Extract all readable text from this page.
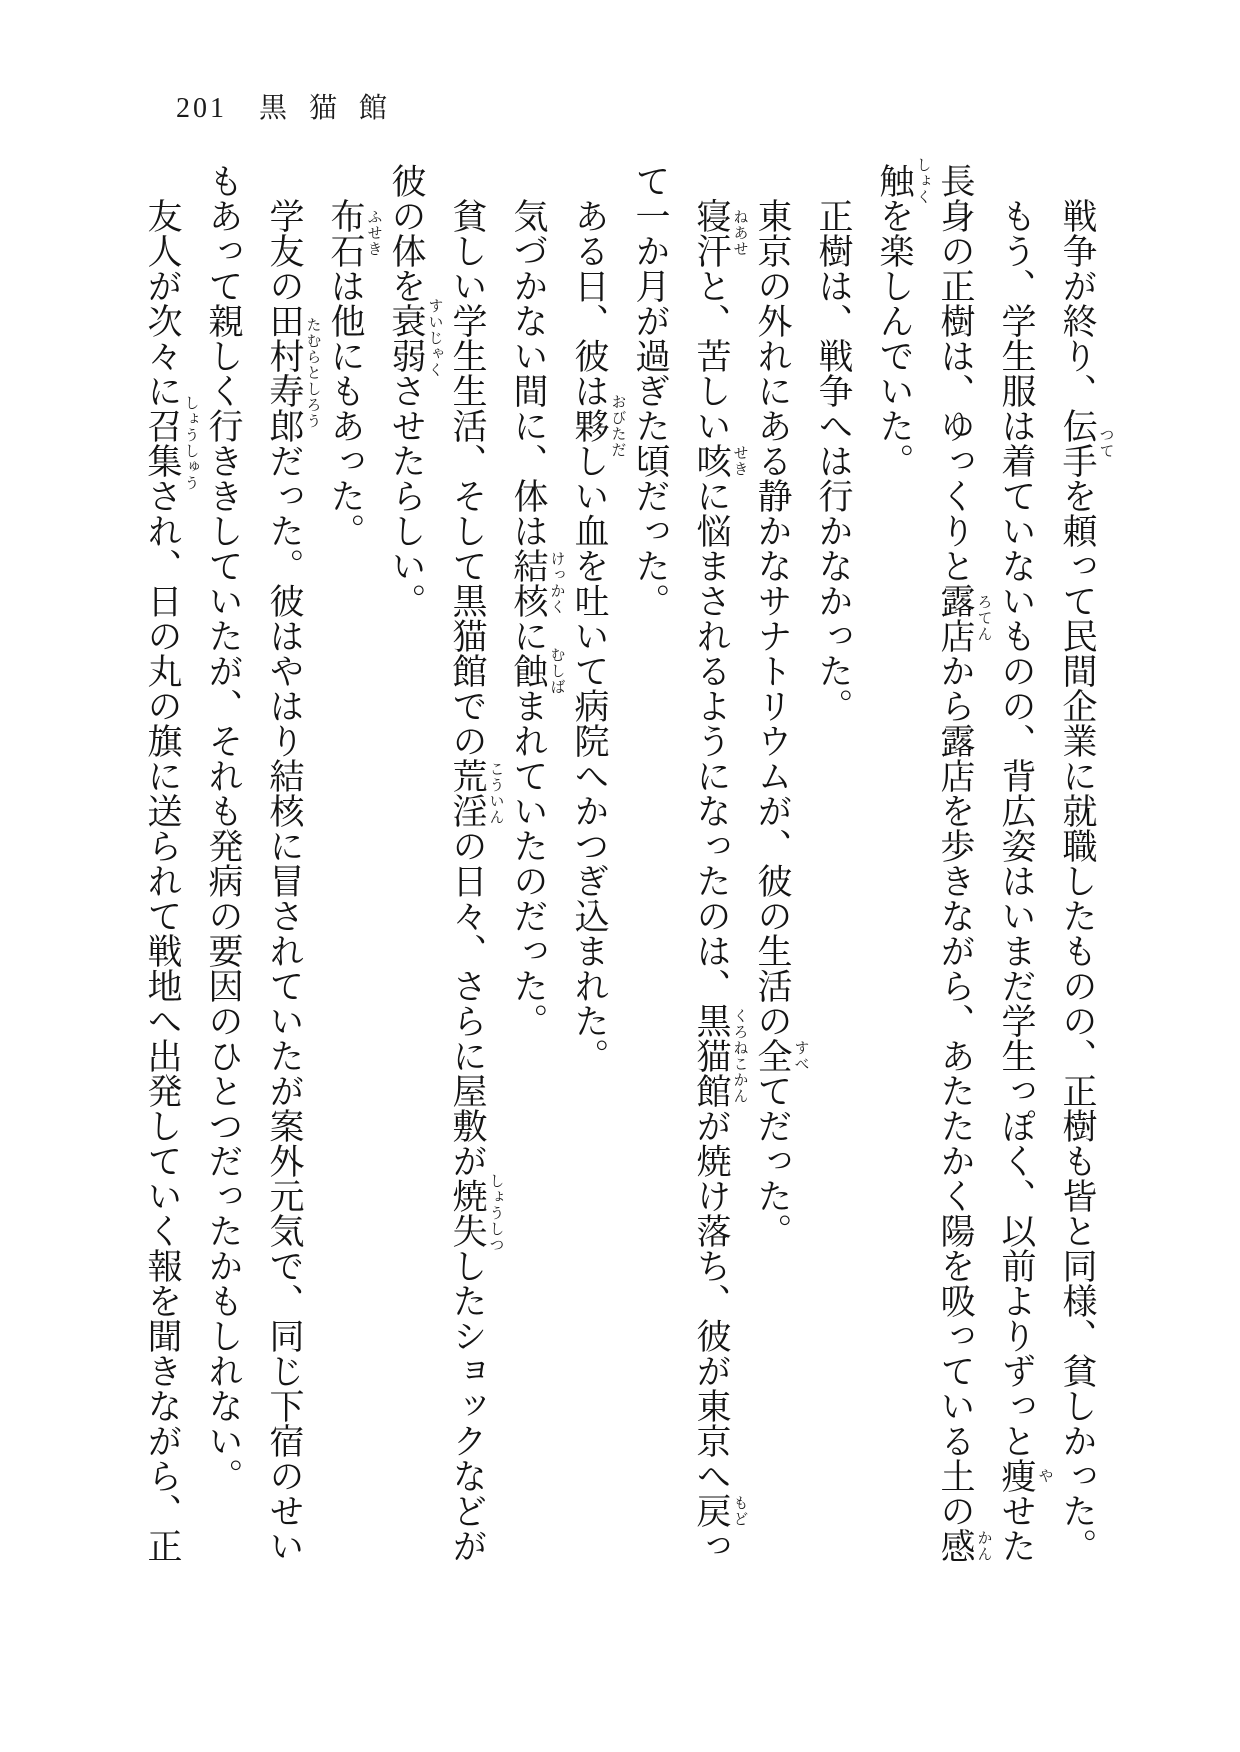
201 黒猫館

戦争が終り、伝手 つて
を頼って民間企業に就職したものの、正樹も皆と同様、貧しかった。

もう、学生服は着ていないものの、背広姿はいまだ学生っぽく、以前よりずっと痩 や
せた長身の正樹は、ゆっくりと露店 ろてん
から露店を歩きながら、あたたかく陽を吸っている土の感 かん
触 しょく
を楽しんでいた。

正樹は、戦争へは行かなかった。

東京の外れにある静かなサナトリウムが、彼の生活の全 すべ
てだった。

寝汗 ねあせ
と、苦しい咳 せき
に悩まされるようになったのは、黒猫館 くろねこかん
が焼け落ち、彼が東京へ戻 もど
って一か月が過ぎた頃だった。

ある日、彼は夥 おびただ
しい血を吐いて病院へかつぎ込まれた。

気づかない間に、体は結核 けっかく
に蝕 むしば
まれていたのだった。

貧しい学生生活、そして黒猫館での荒淫 こういん
の日々、さらに屋敷が焼失 しょうしつ
したショックなどが彼の体を衰弱 すいじゃく
させたらしい。

布石 ふせき
は他にもあった。

学友の田村寿郎 たむらとしろう
だった。彼はやはり結核に冒されていたが案外元気で、同じ下宿のせいもあって親しく行ききしていたが、それも発病の要因のひとつだったかもしれない。

友人が次々に召集 しょうしゅう
され、日の丸の旗に送られて戦地へ出発していく報を聞きながら、正
